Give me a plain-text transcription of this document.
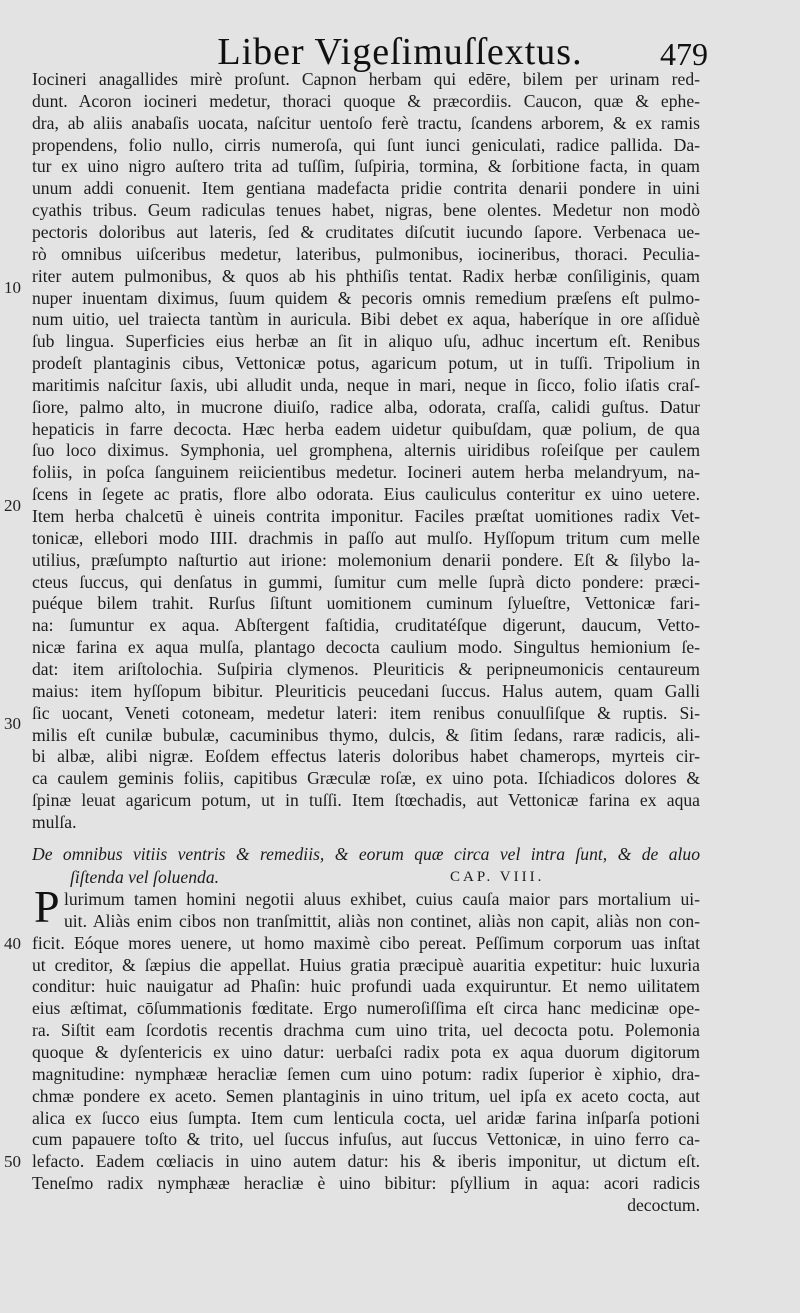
Liber Vigeſimuſſextus.	479
Iocineri anagallides mirè proſunt. Capnon herbam qui edēre, bilem per urinam red-
dunt. Acoron iocineri medetur, thoraci quoque & præcordiis. Caucon, quæ & ephe-
dra, ab aliis anabaſis uocata, naſcitur uentoſo ferè tractu, ſcandens arborem, & ex ramis
propendens, folio nullo, cirris numeroſa, qui ſunt iunci geniculati, radice pallida. Da-
tur ex uino nigro auſtero trita ad tuſſim, ſuſpiria, tormina, & ſorbitione facta, in quam
unum addi conuenit. Item gentiana madefacta pridie contrita denarii pondere in uini
cyathis tribus. Geum radiculas tenues habet, nigras, bene olentes. Medetur non modò
pectoris doloribus aut lateris, ſed & cruditates diſcutit iucundo ſapore. Verbenaca ue-
rò omnibus uiſceribus medetur, lateribus, pulmonibus, iocineribus, thoraci. Peculia-
riter autem pulmonibus, & quos ab his phthiſis tentat. Radix herbæ conſiliginis, quam
nuper inuentam diximus, ſuum quidem & pecoris omnis remedium præſens eſt pulmo-
num uitio, uel traiecta tantùm in auricula. Bibi debet ex aqua, haberíque in ore aſſiduè
ſub lingua. Superficies eius herbæ an ſit in aliquo uſu, adhuc incertum eſt. Renibus
prodeſt plantaginis cibus, Vettonicæ potus, agaricum potum, ut in tuſſi. Tripolium in
maritimis naſcitur ſaxis, ubi alludit unda, neque in mari, neque in ſicco, folio iſatis craſ-
ſiore, palmo alto, in mucrone diuiſo, radice alba, odorata, craſſa, calidi guſtus. Datur
hepaticis in farre decocta. Hæc herba eadem uidetur quibuſdam, quæ polium, de qua
ſuo loco diximus. Symphonia, uel gromphena, alternis uiridibus roſeiſque per caulem
foliis, in poſca ſanguinem reiicientibus medetur. Iocineri autem herba melandryum, na-
ſcens in ſegete ac pratis, flore albo odorata. Eius cauliculus conteritur ex uino uetere.
Item herba chalcetū è uineis contrita imponitur. Faciles præſtat uomitiones radix Vet-
tonicæ, ellebori modo IIII. drachmis in paſſo aut mulſo. Hyſſopum tritum cum melle
utilius, præſumpto naſturtio aut irione: molemonium denarii pondere. Eſt & ſilybo la-
cteus ſuccus, qui denſatus in gummi, ſumitur cum melle ſuprà dicto pondere: præci-
puéque bilem trahit. Rurſus ſiſtunt uomitionem cuminum ſylueſtre, Vettonicæ fari-
na: ſumuntur ex aqua. Abſtergent faſtidia, cruditatéſque digerunt, daucum, Vetto-
nicæ farina ex aqua mulſa, plantago decocta caulium modo. Singultus hemionium ſe-
dat: item ariſtolochia. Suſpiria clymenos. Pleuriticis & peripneumonicis centaureum
maius: item hyſſopum bibitur. Pleuriticis peucedani ſuccus. Halus autem, quam Galli
ſic uocant, Veneti cotoneam, medetur lateri: item renibus conuulſiſque & ruptis. Si-
milis eſt cunilæ bubulæ, cacuminibus thymo, dulcis, & ſitim ſedans, raræ radicis, ali-
bi albæ, alibi nigræ. Eoſdem effectus lateris doloribus habet chamerops, myrteis cir-
ca caulem geminis foliis, capitibus Græculæ roſæ, ex uino pota. Iſchiadicos dolores &
ſpinæ leuat agaricum potum, ut in tuſſi. Item ſtœchadis, aut Vettonicæ farina ex aqua
mulſa.
De omnibus vitiis ventris & remediis, & eorum quæ circa vel intra ſunt, & de aluo
ſiſtenda vel ſoluenda.	CAP. VIII.
P lurimum tamen homini negotii aluus exhibet, cuius cauſa maior pars mortalium ui-
uit. Aliàs enim cibos non tranſmittit, aliàs non continet, aliàs non capit, aliàs non con-
ficit. Eóque mores uenere, ut homo maximè cibo pereat. Peſſimum corporum uas inſtat
ut creditor, & ſæpius die appellat. Huius gratia præcipuè auaritia expetitur: huic luxuria
conditur: huic nauigatur ad Phaſin: huic profundi uada exquiruntur. Et nemo uilitatem
eius æſtimat, cōſummationis fœditate. Ergo numeroſiſſima eſt circa hanc medicinæ ope-
ra. Siſtit eam ſcordotis recentis drachma cum uino trita, uel decocta potu. Polemonia
quoque & dyſentericis ex uino datur: uerbaſci radix pota ex aqua duorum digitorum
magnitudine: nymphææ heracliæ ſemen cum uino potum: radix ſuperior è xiphio, dra-
chmæ pondere ex aceto. Semen plantaginis in uino tritum, uel ipſa ex aceto cocta, aut
alica ex ſucco eius ſumpta. Item cum lenticula cocta, uel aridæ farina inſparſa potioni
cum papauere toſto & trito, uel ſuccus infuſus, aut ſuccus Vettonicæ, in uino ferro ca-
lefacto. Eadem cœliacis in uino autem datur: his & iberis imponitur, ut dictum eſt.
Teneſmo radix nymphææ heracliæ è uino bibitur: pſyllium in aqua: acori radicis
decoctum.
10
20
30
40
50
